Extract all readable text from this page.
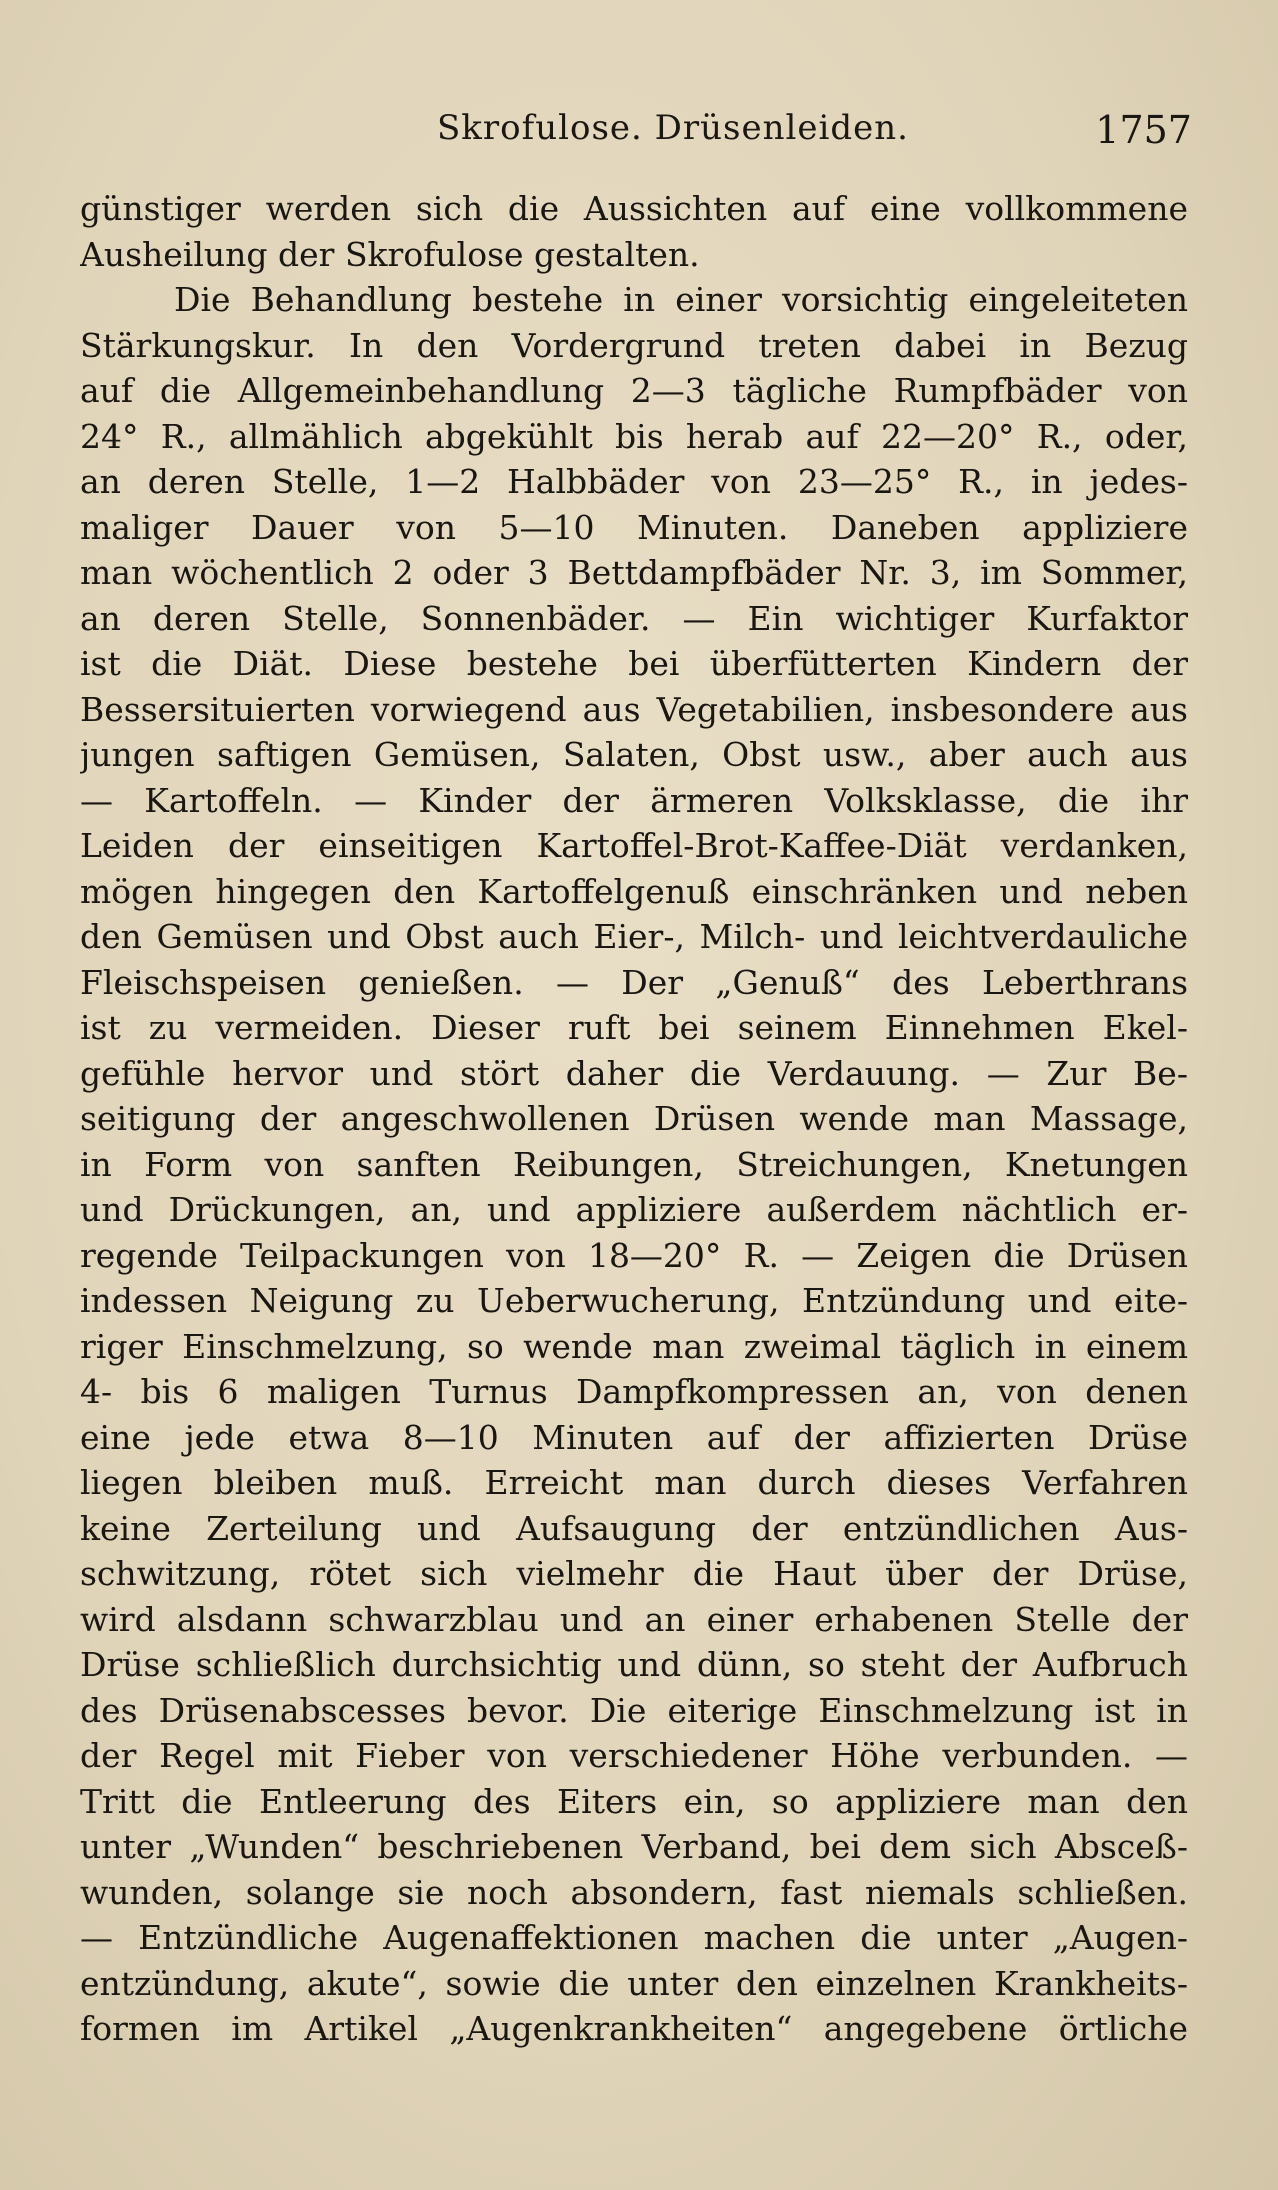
Skrofulose. Drüsenleiden.	1757
günstiger werden sich die Aussichten auf eine vollkommene
Ausheilung der Skrofulose gestalten.
Die Behandlung bestehe in einer vorsichtig eingeleiteten
Stärkungskur. In den Vordergrund treten dabei in Bezug
auf die Allgemeinbehandlung 2—3 tägliche Rumpfbäder von
24° R., allmählich abgekühlt bis herab auf 22—20° R., oder,
an deren Stelle, 1—2 Halbbäder von 23—25° R., in jedes-
maliger Dauer von 5—10 Minuten. Daneben appliziere
man wöchentlich 2 oder 3 Bettdampfbäder Nr. 3, im Sommer,
an deren Stelle, Sonnenbäder. — Ein wichtiger Kurfaktor
ist die Diät. Diese bestehe bei überfütterten Kindern der
Bessersituierten vorwiegend aus Vegetabilien, insbesondere aus
jungen saftigen Gemüsen, Salaten, Obst usw., aber auch aus
— Kartoffeln. — Kinder der ärmeren Volksklasse, die ihr
Leiden der einseitigen Kartoffel-Brot-Kaffee-Diät verdanken,
mögen hingegen den Kartoffelgenuß einschränken und neben
den Gemüsen und Obst auch Eier-, Milch- und leichtverdauliche
Fleischspeisen genießen. — Der „Genuß“ des Leberthrans
ist zu vermeiden. Dieser ruft bei seinem Einnehmen Ekel-
gefühle hervor und stört daher die Verdauung. — Zur Be-
seitigung der angeschwollenen Drüsen wende man Massage,
in Form von sanften Reibungen, Streichungen, Knetungen
und Drückungen, an, und appliziere außerdem nächtlich er-
regende Teilpackungen von 18—20° R. — Zeigen die Drüsen
indessen Neigung zu Ueberwucherung, Entzündung und eite-
riger Einschmelzung, so wende man zweimal täglich in einem
4- bis 6 maligen Turnus Dampfkompressen an, von denen
eine jede etwa 8—10 Minuten auf der affizierten Drüse
liegen bleiben muß. Erreicht man durch dieses Verfahren
keine Zerteilung und Aufsaugung der entzündlichen Aus-
schwitzung, rötet sich vielmehr die Haut über der Drüse,
wird alsdann schwarzblau und an einer erhabenen Stelle der
Drüse schließlich durchsichtig und dünn, so steht der Aufbruch
des Drüsenabscesses bevor. Die eiterige Einschmelzung ist in
der Regel mit Fieber von verschiedener Höhe verbunden. —
Tritt die Entleerung des Eiters ein, so appliziere man den
unter „Wunden“ beschriebenen Verband, bei dem sich Absceß-
wunden, solange sie noch absondern, fast niemals schließen.
— Entzündliche Augenaffektionen machen die unter „Augen-
entzündung, akute“, sowie die unter den einzelnen Krankheits-
formen im Artikel „Augenkrankheiten“ angegebene örtliche
